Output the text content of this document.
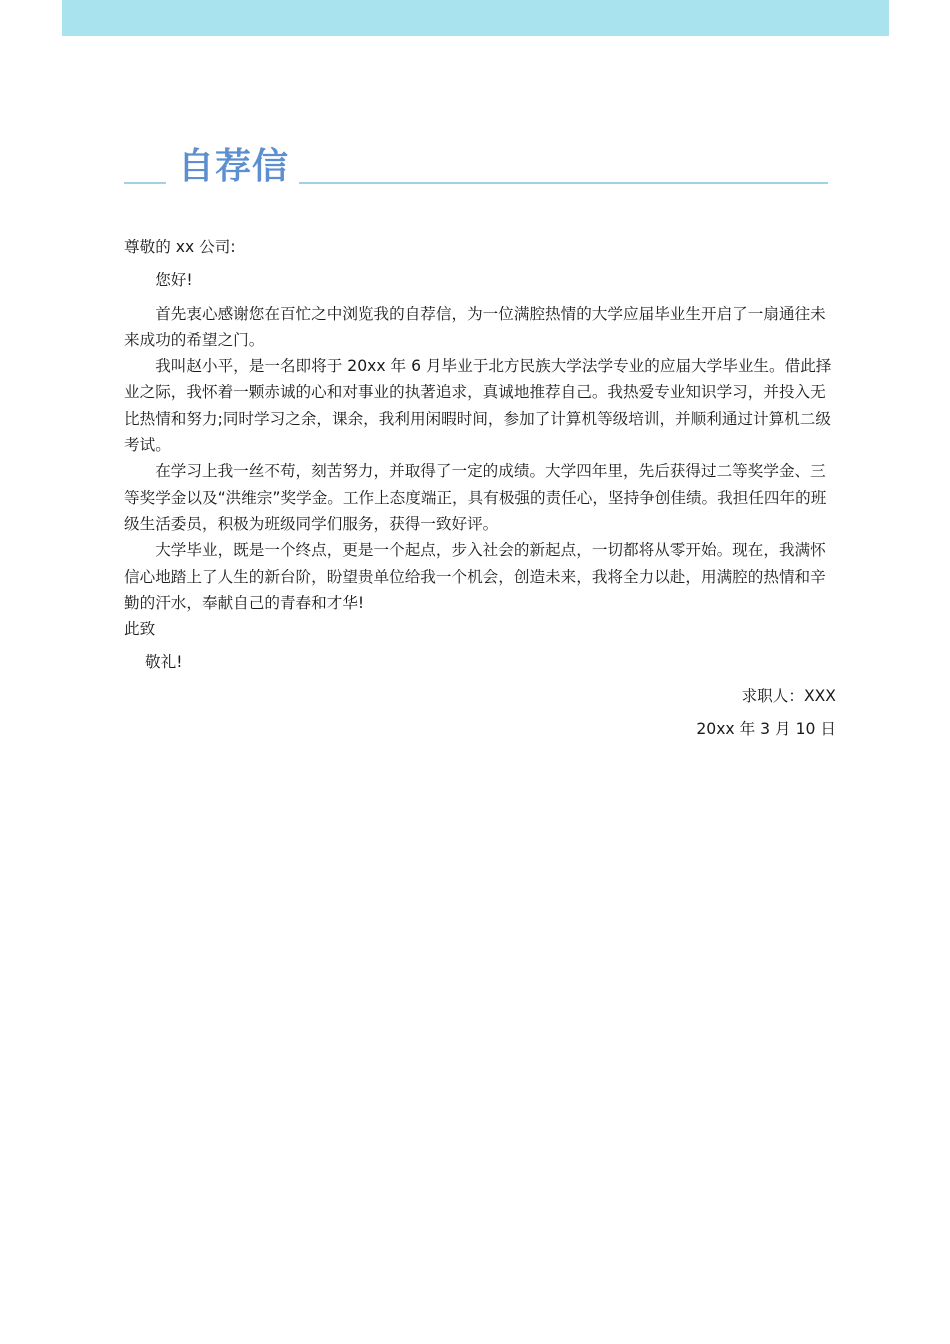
自荐信

尊敬的 xx 公司:

您好!

首先衷心感谢您在百忙之中浏览我的自荐信，为一位满腔热情的大学应届毕业生开启了一扇通往未来成功的希望之门。

我叫赵小平，是一名即将于 20xx 年 6 月毕业于北方民族大学法学专业的应届大学毕业生。借此择业之际，我怀着一颗赤诚的心和对事业的执著追求，真诚地推荐自己。我热爱专业知识学习，并投入无比热情和努力;同时学习之余，课余，我利用闲暇时间，参加了计算机等级培训，并顺利通过计算机二级考试。

在学习上我一丝不苟，刻苦努力，并取得了一定的成绩。大学四年里，先后获得过二等奖学金、三等奖学金以及“洪维宗”奖学金。工作上态度端正，具有极强的责任心，坚持争创佳绩。我担任四年的班级生活委员，积极为班级同学们服务，获得一致好评。

大学毕业，既是一个终点，更是一个起点，步入社会的新起点，一切都将从零开始。现在，我满怀信心地踏上了人生的新台阶，盼望贵单位给我一个机会，创造未来，我将全力以赴，用满腔的热情和辛勤的汗水，奉献自己的青春和才华!

此致

敬礼!

求职人：XXX

20xx 年 3 月 10 日
